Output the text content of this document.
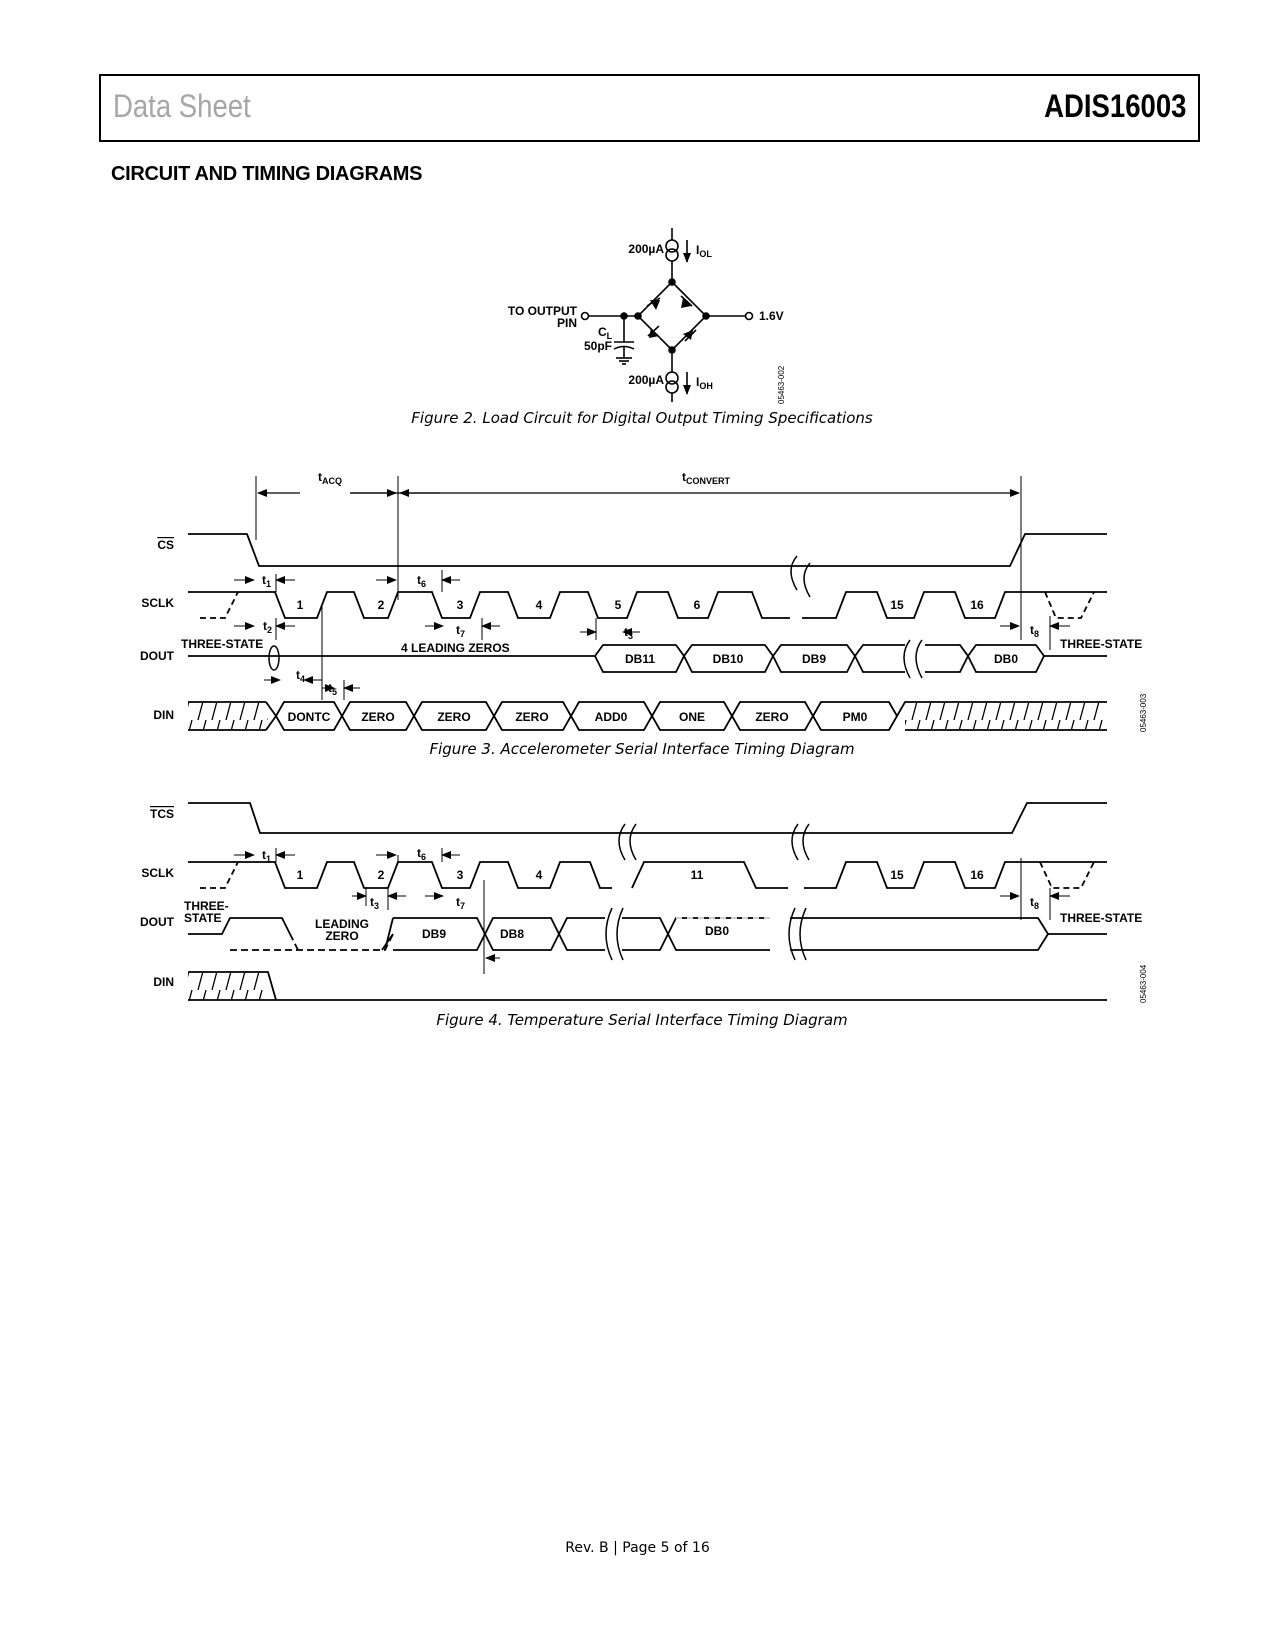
Data Sheet	ADIS16003
CIRCUIT AND TIMING DIAGRAMS
200µA	$I_{OL}$
TO OUTPUT
PIN
$C_L$
50pF
1.6V
200µA	$I_{OH}$	05463-002
Figure 2. Load Circuit for Digital Output Timing Specifications
$t_{ACQ}$	$t_{CONVERT}$
CS
SCLK
DOUT
DIN
1	2	3	4	5	6	15	16
$t_1$
$t_2$
$t_6$
$t_7$	$t_3$	$t_8$
$t_4$
$t_5$
THREE-STATE	4 LEADING ZEROS	THREE-STATE
DB11	DB10	DB9	DB0
DONTC	ZERO	ZERO	ZERO	ADD0	ONE	ZERO	PM0	05463-003
Figure 3. Accelerometer Serial Interface Timing Diagram
TCS
SCLK
DOUT
DIN
1	2	3	4	11	15	16
$t_1$	$t_6$
$t_3$	$t_7$	$t_8$
THREE-
STATE	LEADING
ZERO
THREE-STATE
DB9	DB8	DB0
05463-004
Figure 4. Temperature Serial Interface Timing Diagram
Rev. B | Page 5 of 16
